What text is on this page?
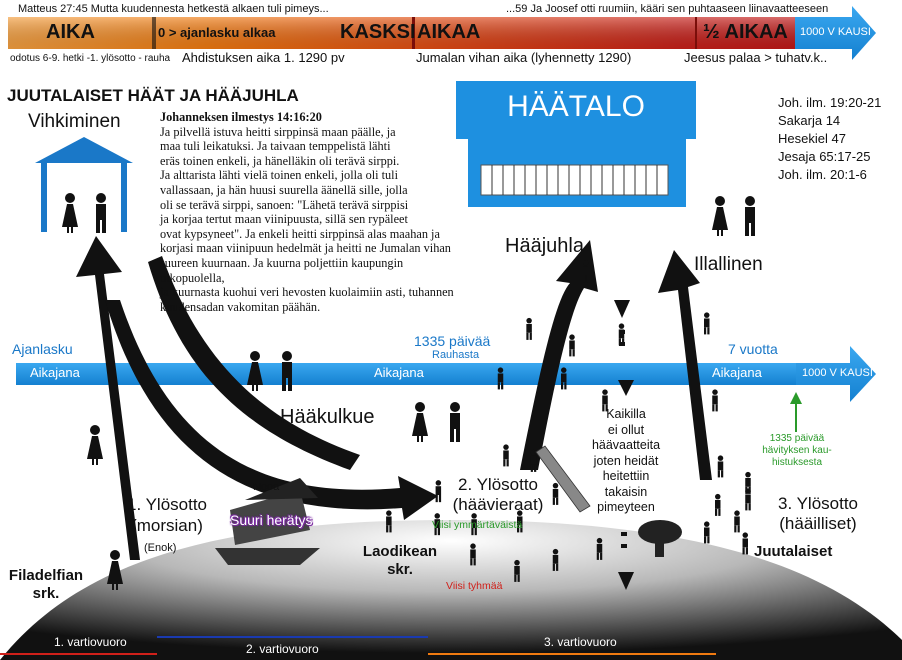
Matteus 27:45 Mutta kuudennesta hetkestä alkaen tuli pimeys...	...59 Ja Joosef otti ruumiin, kääri sen puhtaaseen liinavaatteeseen
AIKA	0 > ajanlasku alkaa	KASKSI AIKAA	½ AIKAA 1000 V KAUSI
odotus 6-9. hetki -1. ylösotto - rauha Ahdistuksen aika 1. 1290 pv	Jumalan vihan aika (lyhennetty 1290)	Jeesus palaa > tuhatv.k..
JUUTALAISET HÄÄT JA HÄÄJUHLA
Vihkiminen	Johanneksen ilmestys 14:16:20
Ja pilvellä istuva heitti sirppinsä maan päälle, ja
maa tuli leikatuksi. Ja taivaan temppelistä lähti
eräs toinen enkeli, ja hänelläkin oli terävä sirppi.
Ja alttarista lähti vielä toinen enkeli, jolla oli tuli
vallassaan, ja hän huusi suurella äänellä sille, jolla
oli se terävä sirppi, sanoen: "Lähetä terävä sirppisi
ja korjaa tertut maan viinipuusta, sillä sen rypäleet
ovat kypsyneet". Ja enkeli heitti sirppinsä alas maahan ja
korjasi maan viinipuun hedelmät ja heitti ne Jumalan vihan
suureen kuurnaan. Ja kuurna poljettiin kaupungin ulkopuolella,
ja kuurnasta kuohui veri hevosten kuolaimiin asti, tuhannen
kuudensadan vakomitan päähän.
HÄÄTALO	Joh. ilm. 19:20-21
Sakarja 14
Hesekiel 47
Jesaja 65:17-25
Joh. ilm. 20:1-6
Hääjuhla
Illallinen
Ajanlasku	1335 päivää
Rauhasta	7 vuotta
Aikajana	Aikajana	Aikajana	1000 V KAUSI
Hääkulkue	Kaikilla
ei ollut
häävaatteita
joten heidät
heitettiin
takaisin
pimeyteen
1335 päivää
hävityksen kau-
histuksesta
Nooa
1. Ylösotto
(morsian)
(Enok)
Suuri herätys
2. Ylösotto
(häävieraat)
Viisi ymmärtäväistä
Laodikean
skr.
Viisi tyhmää
3. Ylösotto
(hääilliset)
Juutalaiset
Filadelfian
srk.
1. vartiovuoro	2. vartiovuoro	3. vartiovuoro
